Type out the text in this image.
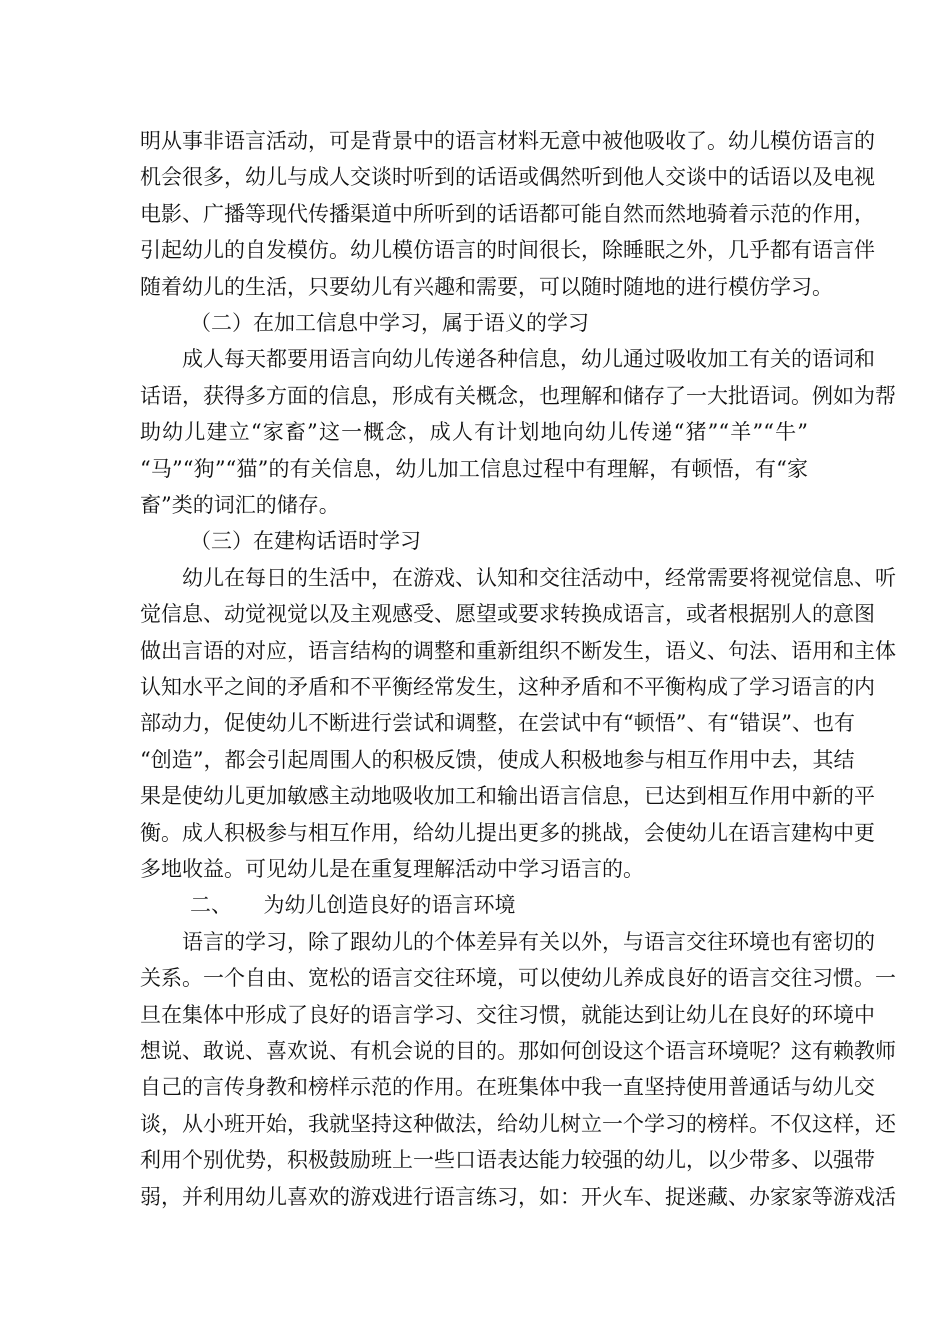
明从事非语言活动，可是背景中的语言材料无意中被他吸收了。幼儿模仿语言的
机会很多，幼儿与成人交谈时听到的话语或偶然听到他人交谈中的话语以及电视
电影、广播等现代传播渠道中所听到的话语都可能自然而然地骑着示范的作用，
引起幼儿的自发模仿。幼儿模仿语言的时间很长，除睡眠之外，几乎都有语言伴
随着幼儿的生活，只要幼儿有兴趣和需要，可以随时随地的进行模仿学习。
（二）在加工信息中学习，属于语义的学习
　　成人每天都要用语言向幼儿传递各种信息，幼儿通过吸收加工有关的语词和
话语，获得多方面的信息，形成有关概念，也理解和储存了一大批语词。例如为帮
助幼儿建立“家畜”这一概念，成人有计划地向幼儿传递“猪”“羊”“牛”
“马”“狗”“猫”的有关信息，幼儿加工信息过程中有理解，有顿悟，有“家
畜”类的词汇的储存。
（三）在建构话语时学习
　　幼儿在每日的生活中，在游戏、认知和交往活动中，经常需要将视觉信息、听
觉信息、动觉视觉以及主观感受、愿望或要求转换成语言，或者根据别人的意图
做出言语的对应，语言结构的调整和重新组织不断发生，语义、句法、语用和主体
认知水平之间的矛盾和不平衡经常发生，这种矛盾和不平衡构成了学习语言的内
部动力，促使幼儿不断进行尝试和调整，在尝试中有“顿悟”、有“错误”、也有
“创造”，都会引起周围人的积极反馈，使成人积极地参与相互作用中去，其结
果是使幼儿更加敏感主动地吸收加工和输出语言信息，已达到相互作用中新的平
衡。成人积极参与相互作用，给幼儿提出更多的挑战，会使幼儿在语言建构中更
多地收益。可见幼儿是在重复理解活动中学习语言的。
二、　　为幼儿创造良好的语言环境
　　语言的学习，除了跟幼儿的个体差异有关以外，与语言交往环境也有密切的
关系。一个自由、宽松的语言交往环境，可以使幼儿养成良好的语言交往习惯。一
旦在集体中形成了良好的语言学习、交往习惯，就能达到让幼儿在良好的环境中
想说、敢说、喜欢说、有机会说的目的。那如何创设这个语言环境呢？这有赖教师
自己的言传身教和榜样示范的作用。在班集体中我一直坚持使用普通话与幼儿交
谈，从小班开始，我就坚持这种做法，给幼儿树立一个学习的榜样。不仅这样，还
利用个别优势，积极鼓励班上一些口语表达能力较强的幼儿，以少带多、以强带
弱，并利用幼儿喜欢的游戏进行语言练习，如：开火车、捉迷藏、办家家等游戏活
